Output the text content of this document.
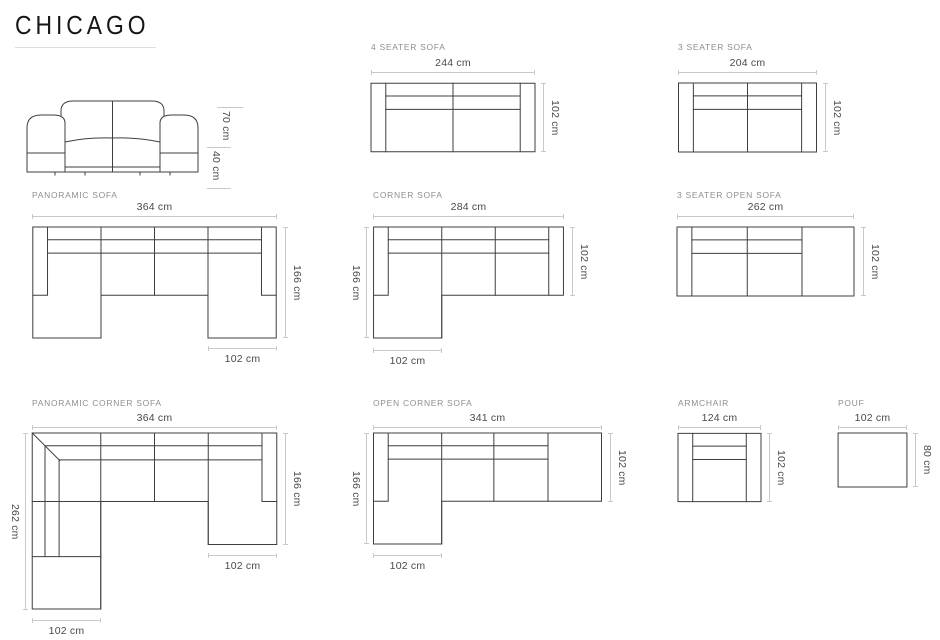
CHICAGO
70 cm
40 cm
4 SEATER SOFA
244 cm
102 cm
3 SEATER SOFA
204 cm
102 cm
PANORAMIC SOFA
364 cm
166 cm
102 cm
CORNER SOFA
284 cm
166 cm
102 cm
102 cm
3 SEATER OPEN SOFA
262 cm
102 cm
PANORAMIC CORNER SOFA
364 cm
262 cm
166 cm
102 cm
102 cm
OPEN CORNER SOFA
341 cm
166 cm
102 cm
102 cm
ARMCHAIR
124 cm
102 cm
POUF
102 cm
80 cm
